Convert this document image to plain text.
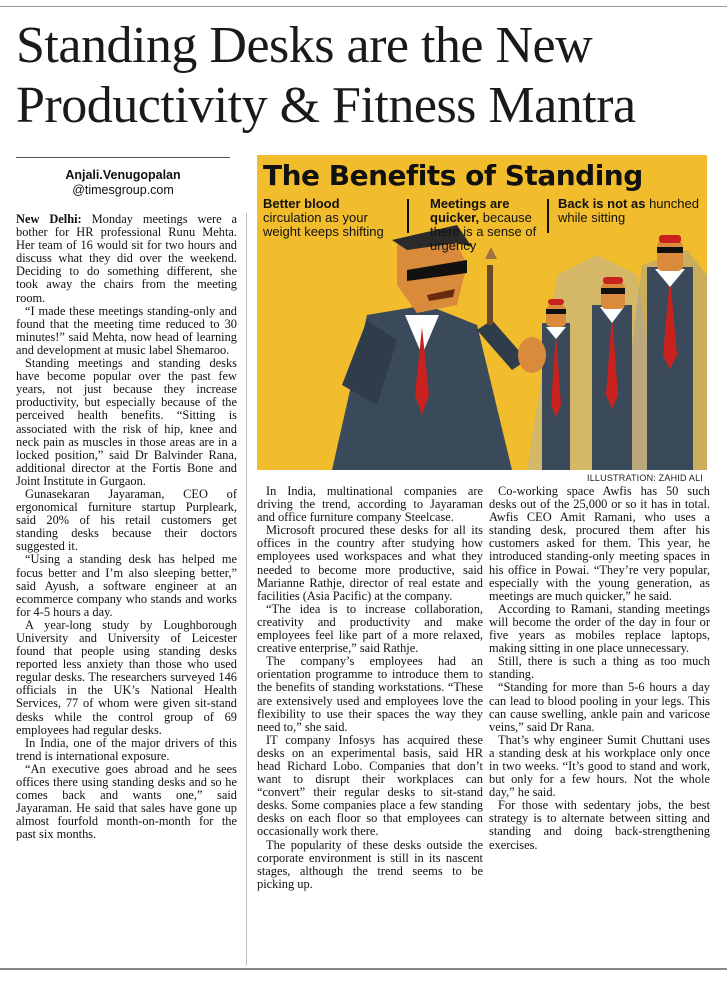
Standing Desks are the New
Productivity & Fitness Mantra
Anjali.Venugopalan
@timesgroup.com

New Delhi: Monday meetings were a bother for HR professional Runu Mehta. Her team of 16 would sit for two hours and discuss what they did over the weekend. Deciding to do something different, she took away the chairs from the meeting room.

“I made these meetings standing-only and found that the meeting time reduced to 30 minutes!” said Mehta, now head of learning and development at music label Shemaroo.

Standing meetings and standing desks have become popular over the past few years, not just because they increase productivity, but especially because of the perceived health benefits. “Sitting is associated with the risk of hip, knee and neck pain as muscles in those areas are in a locked position,” said Dr Balvinder Rana, additional director at the Fortis Bone and Joint Institute in Gurgaon.

Gunasekaran Jayaraman, CEO of ergonomical furniture startup Purpleark, said 20% of his retail customers get standing desks because their doctors suggested it.

“Using a standing desk has helped me focus better and I’m also sleeping better,” said Ayush, a software engineer at an ecommerce company who stands and works for 4-5 hours a day.

A year-long study by Loughborough University and University of Leicester found that people using standing desks reported less anxiety than those who used regular desks. The researchers surveyed 146 officials in the UK’s National Health Services, 77 of whom were given sit-stand desks while the control group of 69 employees had regular desks.

In India, one of the major drivers of this trend is international exposure.

“An executive goes abroad and he sees offices there using standing desks and so he comes back and wants one,” said Jayaraman. He said that sales have gone up almost fourfold month-on-month for the past six months.

The Benefits of Standing
Better blood
circulation as your weight keeps shifting
Meetings are quicker, because there is a sense of urgency
Back is not as hunched while sitting
ILLUSTRATION: ZAHID ALI

In India, multinational companies are driving the trend, according to Jayaraman and office furniture company Steelcase.

Microsoft procured these desks for all its offices in the country after studying how employees used workspaces and what they needed to become more productive, said Marianne Rathje, director of real estate and facilities (Asia Pacific) at the company.

“The idea is to increase collaboration, creativity and productivity and make employees feel like part of a more relaxed, creative enterprise,” said Rathje.

The company’s employees had an orientation programme to introduce them to the benefits of standing workstations. “These are extensively used and employees love the flexibility to use their spaces the way they need to,” she said.

IT company Infosys has acquired these desks on an experimental basis, said HR head Richard Lobo. Companies that don’t want to disrupt their workplaces can “convert” their regular desks to sit-stand desks. Some companies place a few standing desks on each floor so that employees can occasionally work there.

The popularity of these desks outside the corporate environment is still in its nascent stages, although the trend seems to be picking up.

Co-working space Awfis has 50 such desks out of the 25,000 or so it has in total. Awfis CEO Amit Ramani, who uses a standing desk, procured them after his customers asked for them. This year, he introduced standing-only meeting spaces in his office in Powai. “They’re very popular, especially with the young generation, as meetings are much quicker,” he said.

According to Ramani, standing meetings will become the order of the day in four or five years as mobiles replace laptops, making sitting in one place unnecessary.

Still, there is such a thing as too much standing.

“Standing for more than 5-6 hours a day can lead to blood pooling in your legs. This can cause swelling, ankle pain and varicose veins,” said Dr Rana.

That’s why engineer Sumit Chuttani uses a standing desk at his workplace only once in two weeks. “It’s good to stand and work, but only for a few hours. Not the whole day,” he said.

For those with sedentary jobs, the best strategy is to alternate between sitting and standing and doing back-strengthening exercises.
